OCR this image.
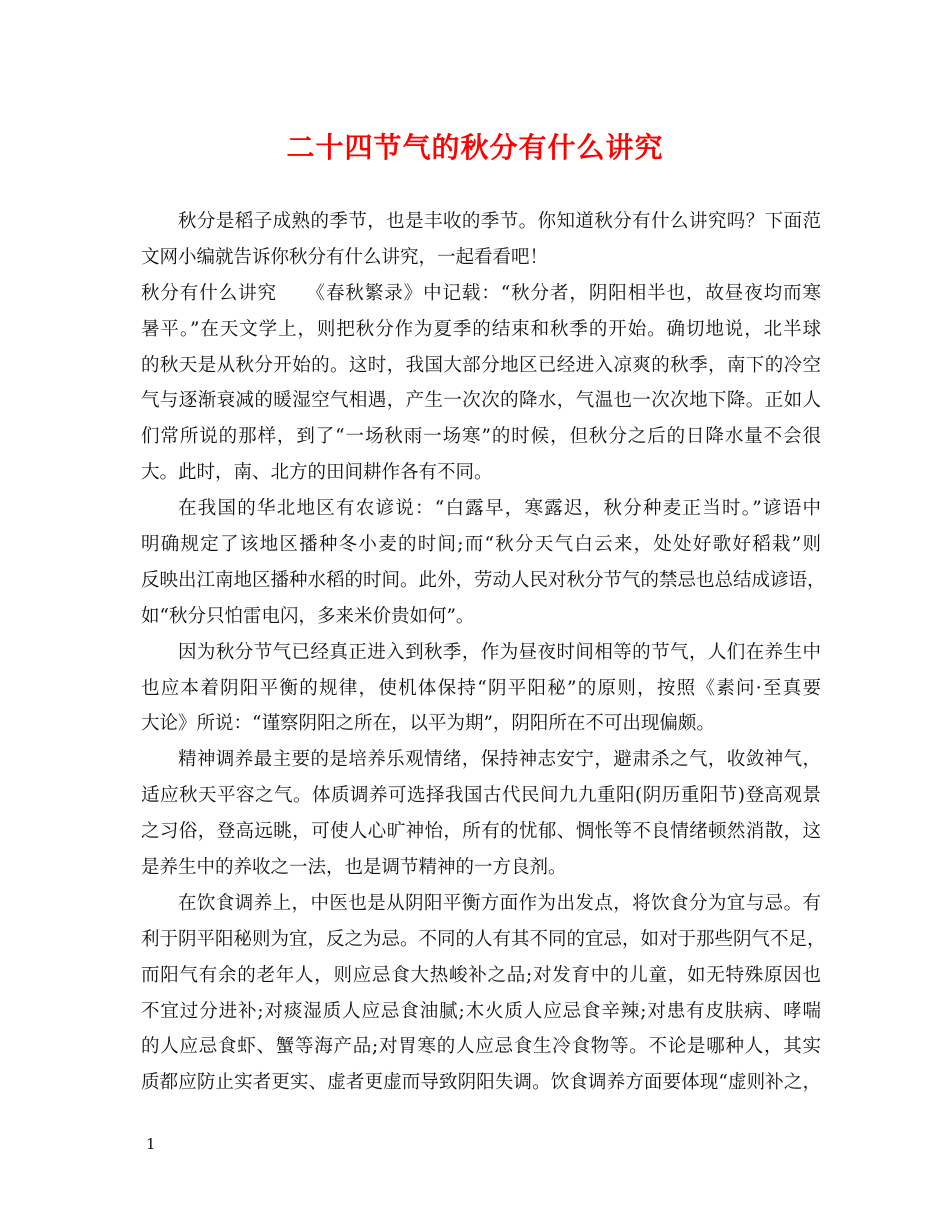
二十四节气的秋分有什么讲究
秋分是稻子成熟的季节，也是丰收的季节。你知道秋分有什么讲究吗？下面范
文网小编就告诉你秋分有什么讲究，一起看看吧！
秋分有什么讲究　　《春秋繁录》中记载：“秋分者，阴阳相半也，故昼夜均而寒
暑平。”在天文学上，则把秋分作为夏季的结束和秋季的开始。确切地说，北半球
的秋天是从秋分开始的。这时，我国大部分地区已经进入凉爽的秋季，南下的冷空
气与逐渐衰减的暖湿空气相遇，产生一次次的降水，气温也一次次地下降。正如人
们常所说的那样，到了“一场秋雨一场寒”的时候，但秋分之后的日降水量不会很
大。此时，南、北方的田间耕作各有不同。
在我国的华北地区有农谚说：“白露早，寒露迟，秋分种麦正当时。”谚语中
明确规定了该地区播种冬小麦的时间;而“秋分天气白云来，处处好歌好稻栽”则
反映出江南地区播种水稻的时间。此外，劳动人民对秋分节气的禁忌也总结成谚语，
如“秋分只怕雷电闪，多来米价贵如何”。
因为秋分节气已经真正进入到秋季，作为昼夜时间相等的节气，人们在养生中
也应本着阴阳平衡的规律，使机体保持“阴平阳秘”的原则，按照《素问·至真要
大论》所说：“谨察阴阳之所在，以平为期”，阴阳所在不可出现偏颇。
精神调养最主要的是培养乐观情绪，保持神志安宁，避肃杀之气，收敛神气，
适应秋天平容之气。体质调养可选择我国古代民间九九重阳(阴历重阳节)登高观景
之习俗，登高远眺，可使人心旷神怡，所有的忧郁、惆怅等不良情绪顿然消散，这
是养生中的养收之一法，也是调节精神的一方良剂。
在饮食调养上，中医也是从阴阳平衡方面作为出发点，将饮食分为宜与忌。有
利于阴平阳秘则为宜，反之为忌。不同的人有其不同的宜忌，如对于那些阴气不足，
而阳气有余的老年人，则应忌食大热峻补之品;对发育中的儿童，如无特殊原因也
不宜过分进补;对痰湿质人应忌食油腻;木火质人应忌食辛辣;对患有皮肤病、哮喘
的人应忌食虾、蟹等海产品;对胃寒的人应忌食生冷食物等。不论是哪种人，其实
质都应防止实者更实、虚者更虚而导致阴阳失调。饮食调养方面要体现“虚则补之，
1
